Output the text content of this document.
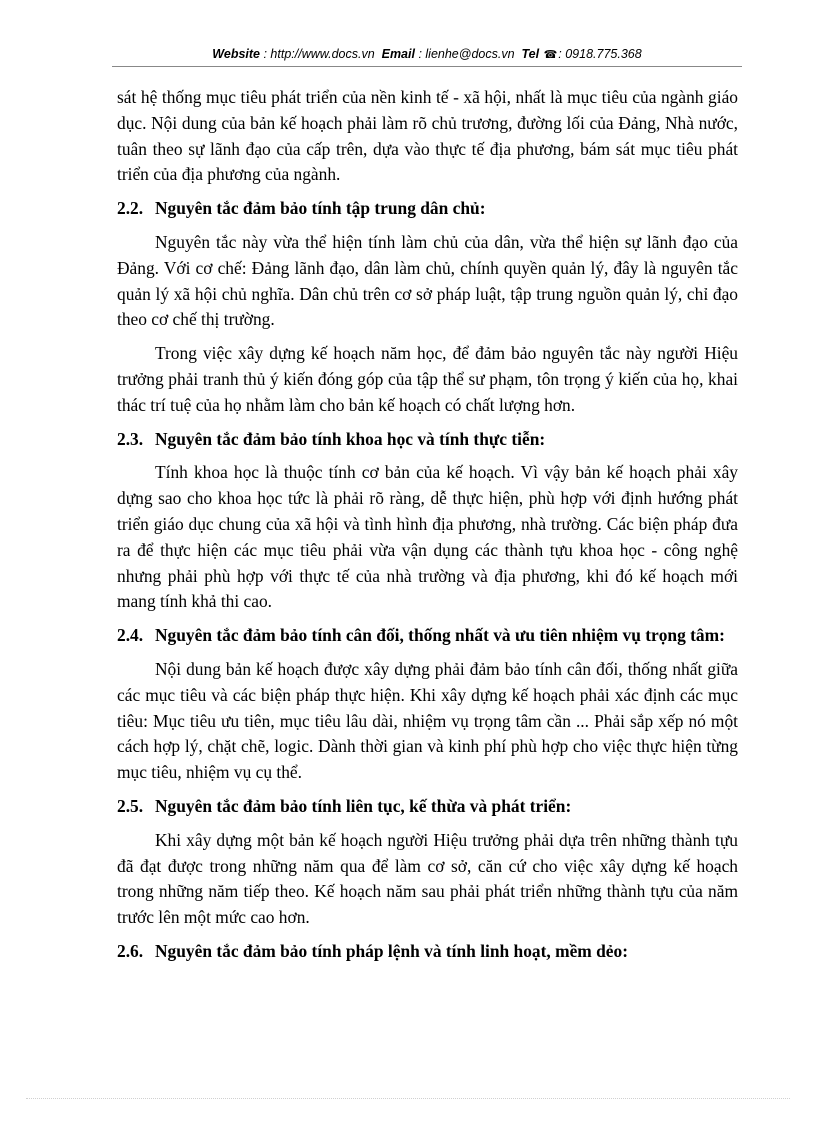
Website : http://www.docs.vn Email : lienhe@docs.vn Tel ☎: 0918.775.368

sát hệ thống mục tiêu phát triển của nền kinh tế - xã hội, nhất là mục tiêu của ngành giáo dục. Nội dung của bản kế hoạch phải làm rõ chủ trương, đường lối của Đảng, Nhà nước, tuân theo sự lãnh đạo của cấp trên, dựa vào thực tế địa phương, bám sát mục tiêu phát triển của địa phương của ngành.

2.2. Nguyên tắc đảm bảo tính tập trung dân chủ:

Nguyên tắc này vừa thể hiện tính làm chủ của dân, vừa thể hiện sự lãnh đạo của Đảng. Với cơ chế: Đảng lãnh đạo, dân làm chủ, chính quyền quản lý, đây là nguyên tắc quản lý xã hội chủ nghĩa. Dân chủ trên cơ sở pháp luật, tập trung nguồn quản lý, chỉ đạo theo cơ chế thị trường.

Trong việc xây dựng kế hoạch năm học, để đảm bảo nguyên tắc này người Hiệu trưởng phải tranh thủ ý kiến đóng góp của tập thể sư phạm, tôn trọng ý kiến của họ, khai thác trí tuệ của họ nhằm làm cho bản kế hoạch có chất lượng hơn.

2.3. Nguyên tắc đảm bảo tính khoa học và tính thực tiễn:

Tính khoa học là thuộc tính cơ bản của kế hoạch. Vì vậy bản kế hoạch phải xây dựng sao cho khoa học tức là phải rõ ràng, dễ thực hiện, phù hợp với định hướng phát triển giáo dục chung của xã hội và tình hình địa phương, nhà trường. Các biện pháp đưa ra để thực hiện các mục tiêu phải vừa vận dụng các thành tựu khoa học - công nghệ nhưng phải phù hợp với thực tế của nhà trường và địa phương, khi đó kế hoạch mới mang tính khả thi cao.

2.4. Nguyên tắc đảm bảo tính cân đối, thống nhất và ưu tiên nhiệm vụ trọng tâm:

Nội dung bản kế hoạch được xây dựng phải đảm bảo tính cân đối, thống nhất giữa các mục tiêu và các biện pháp thực hiện. Khi xây dựng kế hoạch phải xác định các mục tiêu: Mục tiêu ưu tiên, mục tiêu lâu dài, nhiệm vụ trọng tâm cần ... Phải sắp xếp nó một cách hợp lý, chặt chẽ, logic. Dành thời gian và kinh phí phù hợp cho việc thực hiện từng mục tiêu, nhiệm vụ cụ thể.

2.5. Nguyên tắc đảm bảo tính liên tục, kế thừa và phát triển:

Khi xây dựng một bản kế hoạch người Hiệu trưởng phải dựa trên những thành tựu đã đạt được trong những năm qua để làm cơ sở, căn cứ cho việc xây dựng kế hoạch trong những năm tiếp theo. Kế hoạch năm sau phải phát triển những thành tựu của năm trước lên một mức cao hơn.

2.6. Nguyên tắc đảm bảo tính pháp lệnh và tính linh hoạt, mềm dẻo:
